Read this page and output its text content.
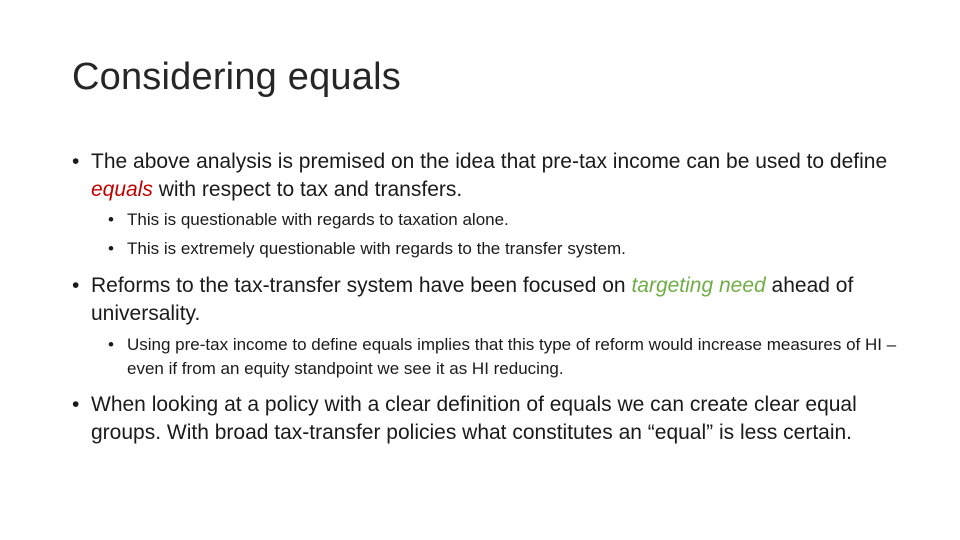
Considering equals
• The above analysis is premised on the idea that pre-tax income can be used to define equals with respect to tax and transfers.
• This is questionable with regards to taxation alone.
• This is extremely questionable with regards to the transfer system.
• Reforms to the tax-transfer system have been focused on targeting need ahead of universality.
• Using pre-tax income to define equals implies that this type of reform would increase measures of HI – even if from an equity standpoint we see it as HI reducing.
• When looking at a policy with a clear definition of equals we can create clear equal groups. With broad tax-transfer policies what constitutes an “equal” is less certain.
